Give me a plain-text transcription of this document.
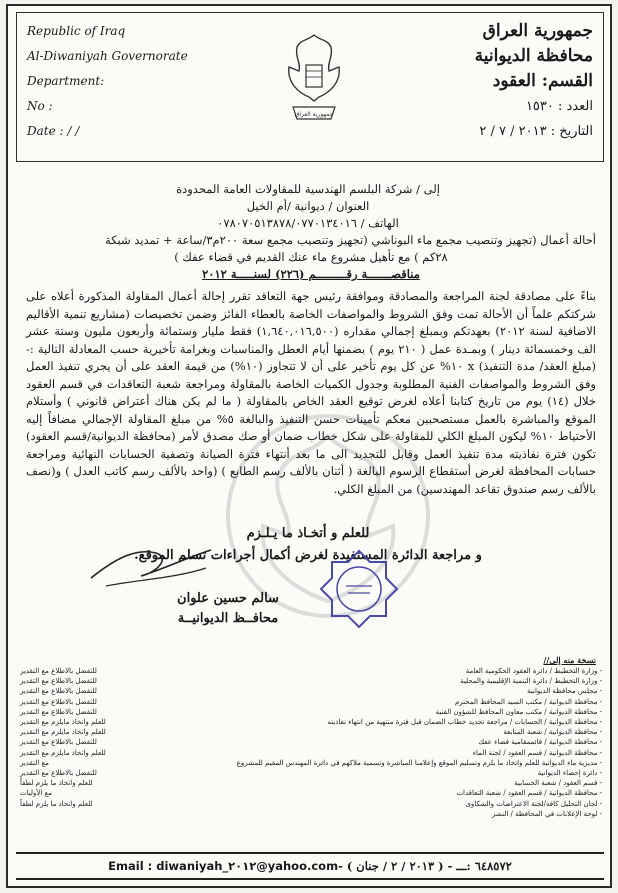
Republic of Iraq
Al-Diwaniyah Governorate
Department:
No :
Date : / /
جمهورية العراق
جمهورية العراق
محافظة الديوانية
القسم: العقود
العدد : ١٥٣٠
التاريخ : ٢٠١٣ / ٧ / ٢
إلى / شركة البلسم الهندسية للمقاولات العامة المحدودة
العنوان / ديوانية /أم الخيل
الهاتف / ٠٧٨٠٧٠٥١٣٨٧٨/٠٧٧٠١٣٤٠١٦
أحالة أعمال (تجهيز وتنصيب مجمع ماء البوناشي (تجهيز وتنصيب مجمع سعة ٢٠٠م٣/ساعة + تمديد شبكة
٢٨كم ) مع تأهيل مشروع ماء عنك القديم في قضاء عفك )
مناقصـــــــة رقـــــــــم (٢٢٦) لسنـــــة ٢٠١٢
بناءً على مصادقة لجنة المراجعة والمصادقة وموافقة رئيس جهة التعاقد تقرر إحالة أعمال المقاولة المذكورة أعلاه على شركتكم علماً أن الأحالة تمت وفق الشروط والمواصفات الخاصة بالعطاء الفائز وضمن تخصيصات (مشاريع تنمية الأقاليم الاضافية لسنة ٢٠١٢) بعهدتكم وبمبلغ إجمالي مقداره (١,٦٤٠,٠١٦,٥٠٠) فقط مليار وستمائة وأربعون مليون وستة عشر الف وخمسمائة دينار ) وبمـدة عمل ( ٢١٠ يوم ) بضمنها أيام العطل والمناسبات وبغرامة تأخيرية حسب المعادلة التالية :- (مبلغ العقد/ مدة التنفيذ) x ١٠% عن كل يوم تأخير على أن لا تتجاوز (١٠%) من قيمة العقد على أن يجري تنفيذ العمل وفق الشروط والمواصفات الفنية المطلوبة وجدول الكميات الخاصة بالمقاولة ومراجعة شعبة التعاقدات في قسم العقود خلال (١٤) يوم من تاريخ كتابنا أعلاه لغرض توقيع العقد الخاص بالمقاولة ( ما لم يكن هناك أعتراض قانوني ) وأستلام الموقع والمباشرة بالعمل مستصحبين معكم تأمينات حسن التنفيذ والبالغة ٥% من مبلغ المقاولة الإجمالي مضافاً إليه الأحتياط ١٠% ليكون المبلغ الكلي للمقاولة على شكل خطاب ضمان أو صك مصدق لأمر (محافظة الديوانية/قسم العقود) تكون فترة نفاذيته مدة تنفيذ العمل وقابل للتجديد الى ما بعد أنتهاء فترة الصيانة وتصفية الحسابات النهائية ومراجعة حسابات المحافظة لغرض أستقطاع الرسوم البالغة ( أثنان بالألف رسم الطابع ) (واحد بالألف رسم كاتب العدل ) و(نصف بالألف رسم صندوق تقاعد المهندسين) من المبلغ الكلي.
للعلم و أتخـاذ ما يـلـزم
و مراجعة الدائرة المستفيدة لغرض أكمال أجراءات تسلم الموقع.
سالم حسين علوان
محافــظ الديوانيــة
نسخة منه إلى//
- وزارة التخطيط / دائرة العقود الحكومية العامة
للتفضل بالاطلاع مع التقدير
- وزارة التخطيط / دائرة التنمية الإقليمية والمحلية
للتفضل بالاطلاع مع التقدير
- مجلس محافظة الديوانية
للتفضل بالاطلاع مع التقدير
- محافظة الديوانية / مكتب السيد المحافظ المحترم
للتفضل بالاطلاع مع التقدير
- محافظة الديوانية / مكتب معاون المحافظ للشؤون الفنية
للتفضل بالاطلاع مع التقدير
- محافظة الديوانية / الحسابات / مراجعة تجديد خطاب الضمان قبل فترة منتهية من انتهاء نفاذيته
للعلم واتخاذ مايلزم مع التقدير
- محافظة الديوانية / شعبة المتابعة
للعلم واتخاذ مايلزم مع التقدير
- محافظة الديوانية / قائممقامية قضاء عفك
للتفضل بالاطلاع مع التقدير
- محافظة الديوانية / قسم العقود / لجنة الماء
للعلم واتخاذ مايلزم مع التقدير
- مديرية ماء الديوانية للعلم واتخاذ ما يلزم وتسليم الموقع وإعلامنا المباشرة وتسمية ملاكهم في دائرة المهندس المقيم للمشروع
مع التقدير
- دائرة إحصاء الديوانية
للتفضل بالاطلاع مع التقدير
- قسم العقود / شعبة الحسابية
للعلم واتخاذ ما يلزم لطفاً
- محافظة الديوانية / قسم العقود / شعبة التعاقدات
مع الأوليات
- لجان التحليل كافة/لجنة الاعتراضات والشكاوى
للعلم واتخاذ ما يلزم لطفاً
- لوحة الإعلانات في المحافظة / النشر
Email : diwaniyah_٢٠١٢@yahoo.com - ( ٢٠١٣ / ٢ / جنان ) - ٦٤٨٥٧٢ :ـــ
